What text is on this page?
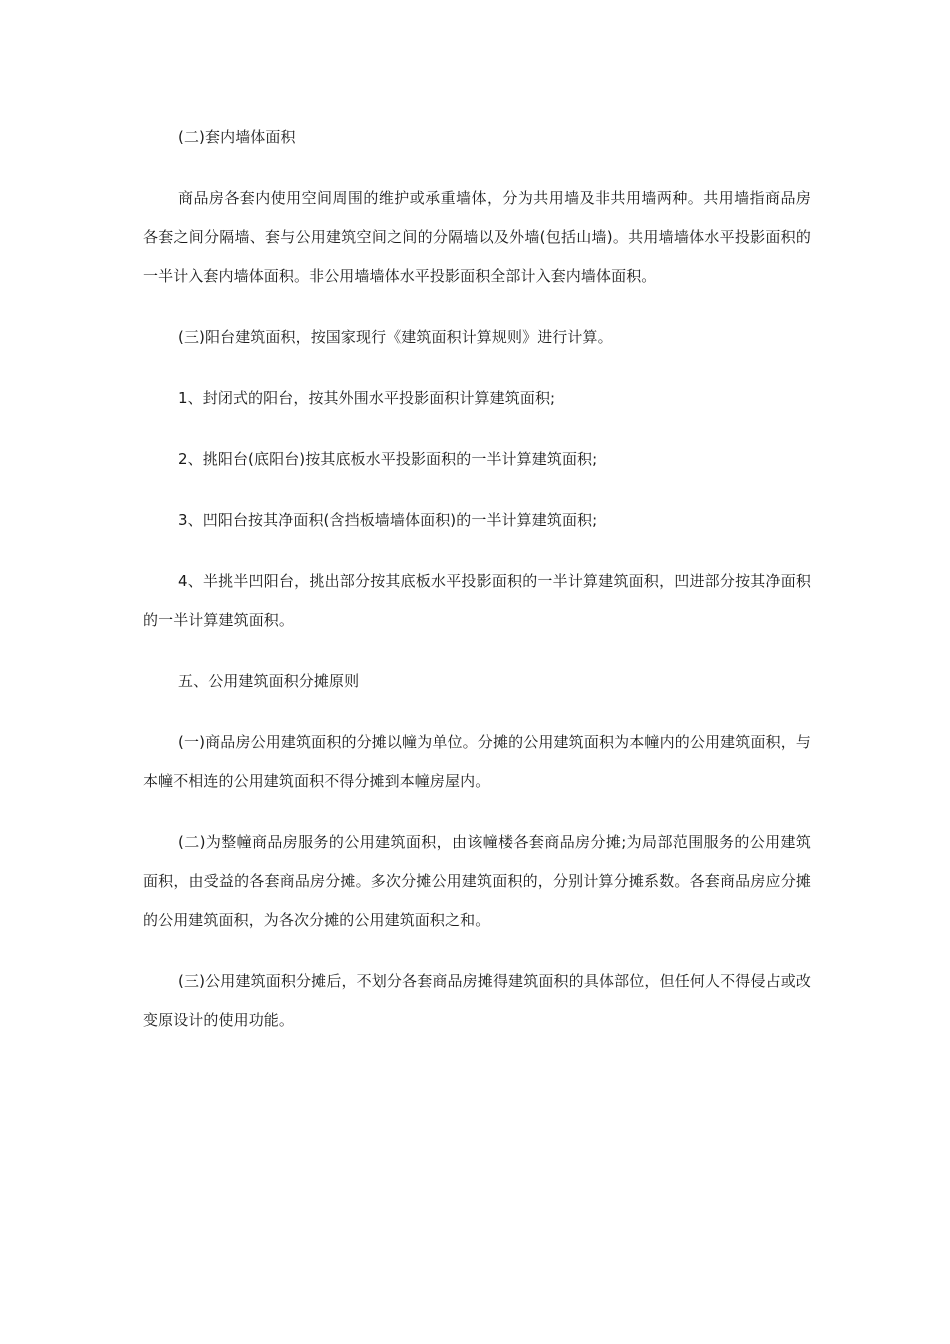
(二)套内墙体面积

商品房各套内使用空间周围的维护或承重墙体，分为共用墙及非共用墙两种。共用墙指商品房各套之间分隔墙、套与公用建筑空间之间的分隔墙以及外墙(包括山墙)。共用墙墙体水平投影面积的一半计入套内墙体面积。非公用墙墙体水平投影面积全部计入套内墙体面积。

(三)阳台建筑面积，按国家现行《建筑面积计算规则》进行计算。

1、封闭式的阳台，按其外围水平投影面积计算建筑面积;

2、挑阳台(底阳台)按其底板水平投影面积的一半计算建筑面积;

3、凹阳台按其净面积(含挡板墙墙体面积)的一半计算建筑面积;

4、半挑半凹阳台，挑出部分按其底板水平投影面积的一半计算建筑面积，凹进部分按其净面积的一半计算建筑面积。

五、公用建筑面积分摊原则

(一)商品房公用建筑面积的分摊以幢为单位。分摊的公用建筑面积为本幢内的公用建筑面积，与本幢不相连的公用建筑面积不得分摊到本幢房屋内。

(二)为整幢商品房服务的公用建筑面积，由该幢楼各套商品房分摊;为局部范围服务的公用建筑面积，由受益的各套商品房分摊。多次分摊公用建筑面积的，分别计算分摊系数。各套商品房应分摊的公用建筑面积，为各次分摊的公用建筑面积之和。

(三)公用建筑面积分摊后，不划分各套商品房摊得建筑面积的具体部位，但任何人不得侵占或改变原设计的使用功能。
